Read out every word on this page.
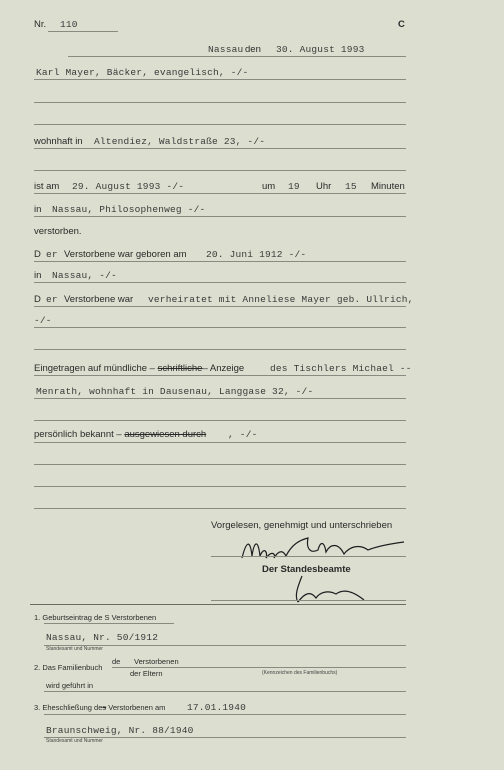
Nr. 110	C
Nassau den 30. August 1993
Karl Mayer, Bäcker, evangelisch, -/-
wohnhaft in Altendiez, Waldstraße 23, -/-
ist am 29. August 1993 -/-	um 19 Uhr 15 Minuten
in Nassau, Philosophenweg -/-
verstorben.
D er Verstorbene war geboren am 20. Juni 1912 -/-
in Nassau, -/-
D er Verstorbene war verheiratet mit Anneliese Mayer geb. Ullrich,
-/-
Eingetragen auf mündliche – schriftliche– Anzeige	des Tischlers Michael --
Menrath, wohnhaft in Dausenau, Langgase 32, -/-
persönlich bekannt – ausgewiesen durch , -/-
Vorgelesen, genehmigt und unterschrieben
Der Standesbeamte
1. Geburtseintrag de S Verstorbenen
Nassau, Nr. 50/1912
Standesamt und Nummer
2. Das Familienbuch
de Verstorbenen
der Eltern	(Kennzeichen des Familienbuchs)
wird geführt in
3. Eheschließung des Verstorbenen am 17.01.1940
Braunschweig, Nr. 88/1940
Standesamt und Nummer
